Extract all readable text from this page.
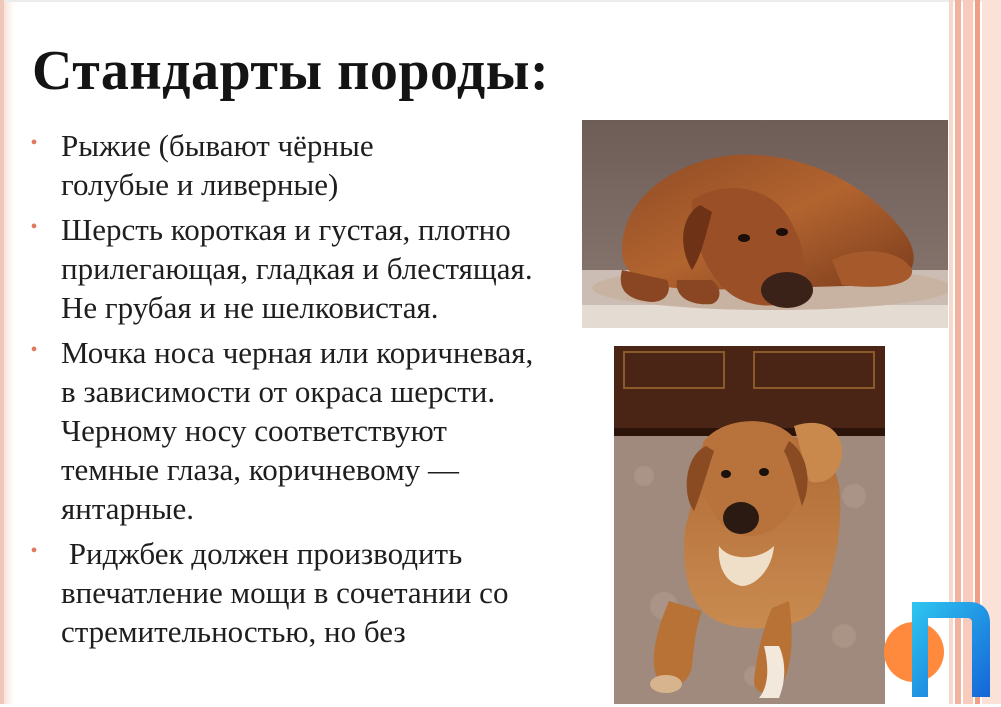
Стандарты породы:
• Рыжие (бывают чёрные голубые и ливерные)
• Шерсть короткая и густая, плотно прилегающая, гладкая и блестящая. Не грубая и не шелковистая.
• Мочка носа черная или коричневая, в зависимости от окраса шерсти. Черному носу соответствуют темные глаза, коричневому — янтарные.
• Риджбек должен производить впечатление мощи в сочетании со стремительностью, но без
